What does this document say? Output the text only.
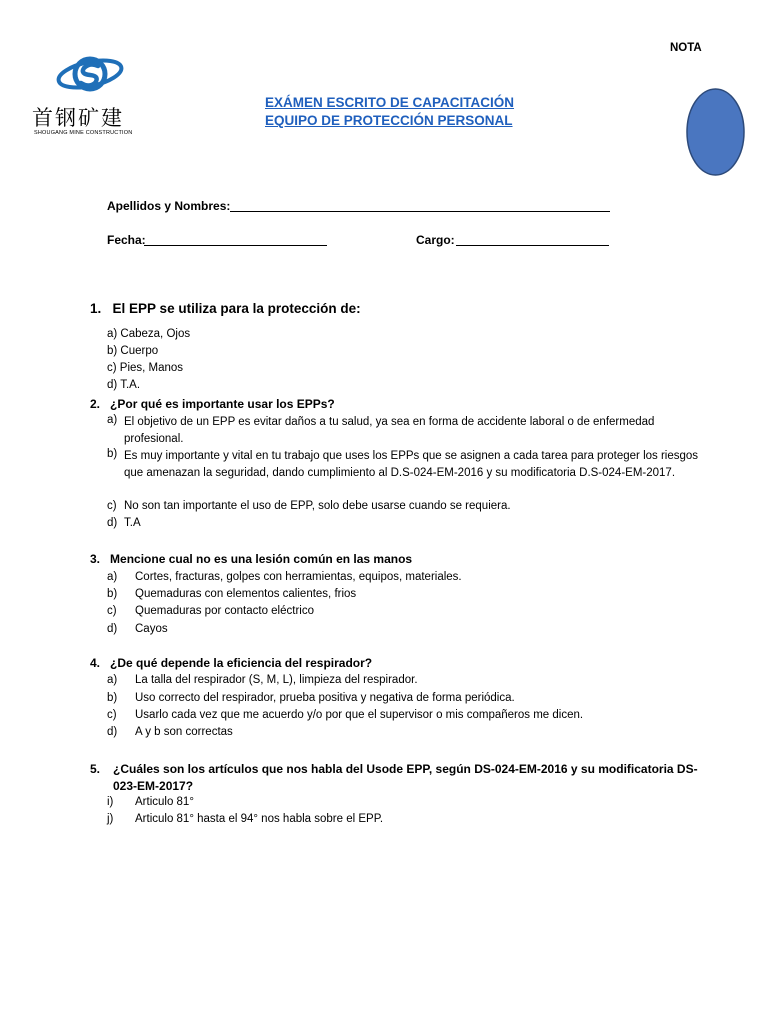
首钢矿建
SHOUGANG MINE CONSTRUCTION
NOTA
EXÁMEN ESCRITO DE CAPACITACIÓN
EQUIPO DE PROTECCIÓN PERSONAL
Apellidos y Nombres:
Fecha:	Cargo:
1. El EPP se utiliza para la protección de:
a) Cabeza, Ojos
b) Cuerpo
c) Pies, Manos
d) T.A.
2. ¿Por qué es importante usar los EPPs?
a) El objetivo de un EPP es evitar daños a tu salud, ya sea en forma de accidente laboral o de enfermedad profesional.
b) Es muy importante y vital en tu trabajo que uses los EPPs que se asignen a cada tarea para proteger los riesgos que amenazan la seguridad, dando cumplimiento al D.S-024-EM-2016 y su modificatoria D.S-024-EM-2017.
c) No son tan importante el uso de EPP, solo debe usarse cuando se requiera.
d) T.A
3. Mencione cual no es una lesión común en las manos
a) Cortes, fracturas, golpes con herramientas, equipos, materiales.
b) Quemaduras con elementos calientes, frios
c) Quemaduras por contacto eléctrico
d) Cayos
4. ¿De qué depende la eficiencia del respirador?
a) La talla del respirador (S, M, L), limpieza del respirador.
b) Uso correcto del respirador, prueba positiva y negativa de forma periódica.
c) Usarlo cada vez que me acuerdo y/o por que el supervisor o mis compañeros me dicen.
d) A y b son correctas
5.	¿Cuáles son los artículos que nos habla del Usode EPP, según DS-024-EM-2016 y su modificatoria DS-023-EM-2017?
i) Articulo 81°
j) Articulo 81° hasta el 94° nos habla sobre el EPP.
